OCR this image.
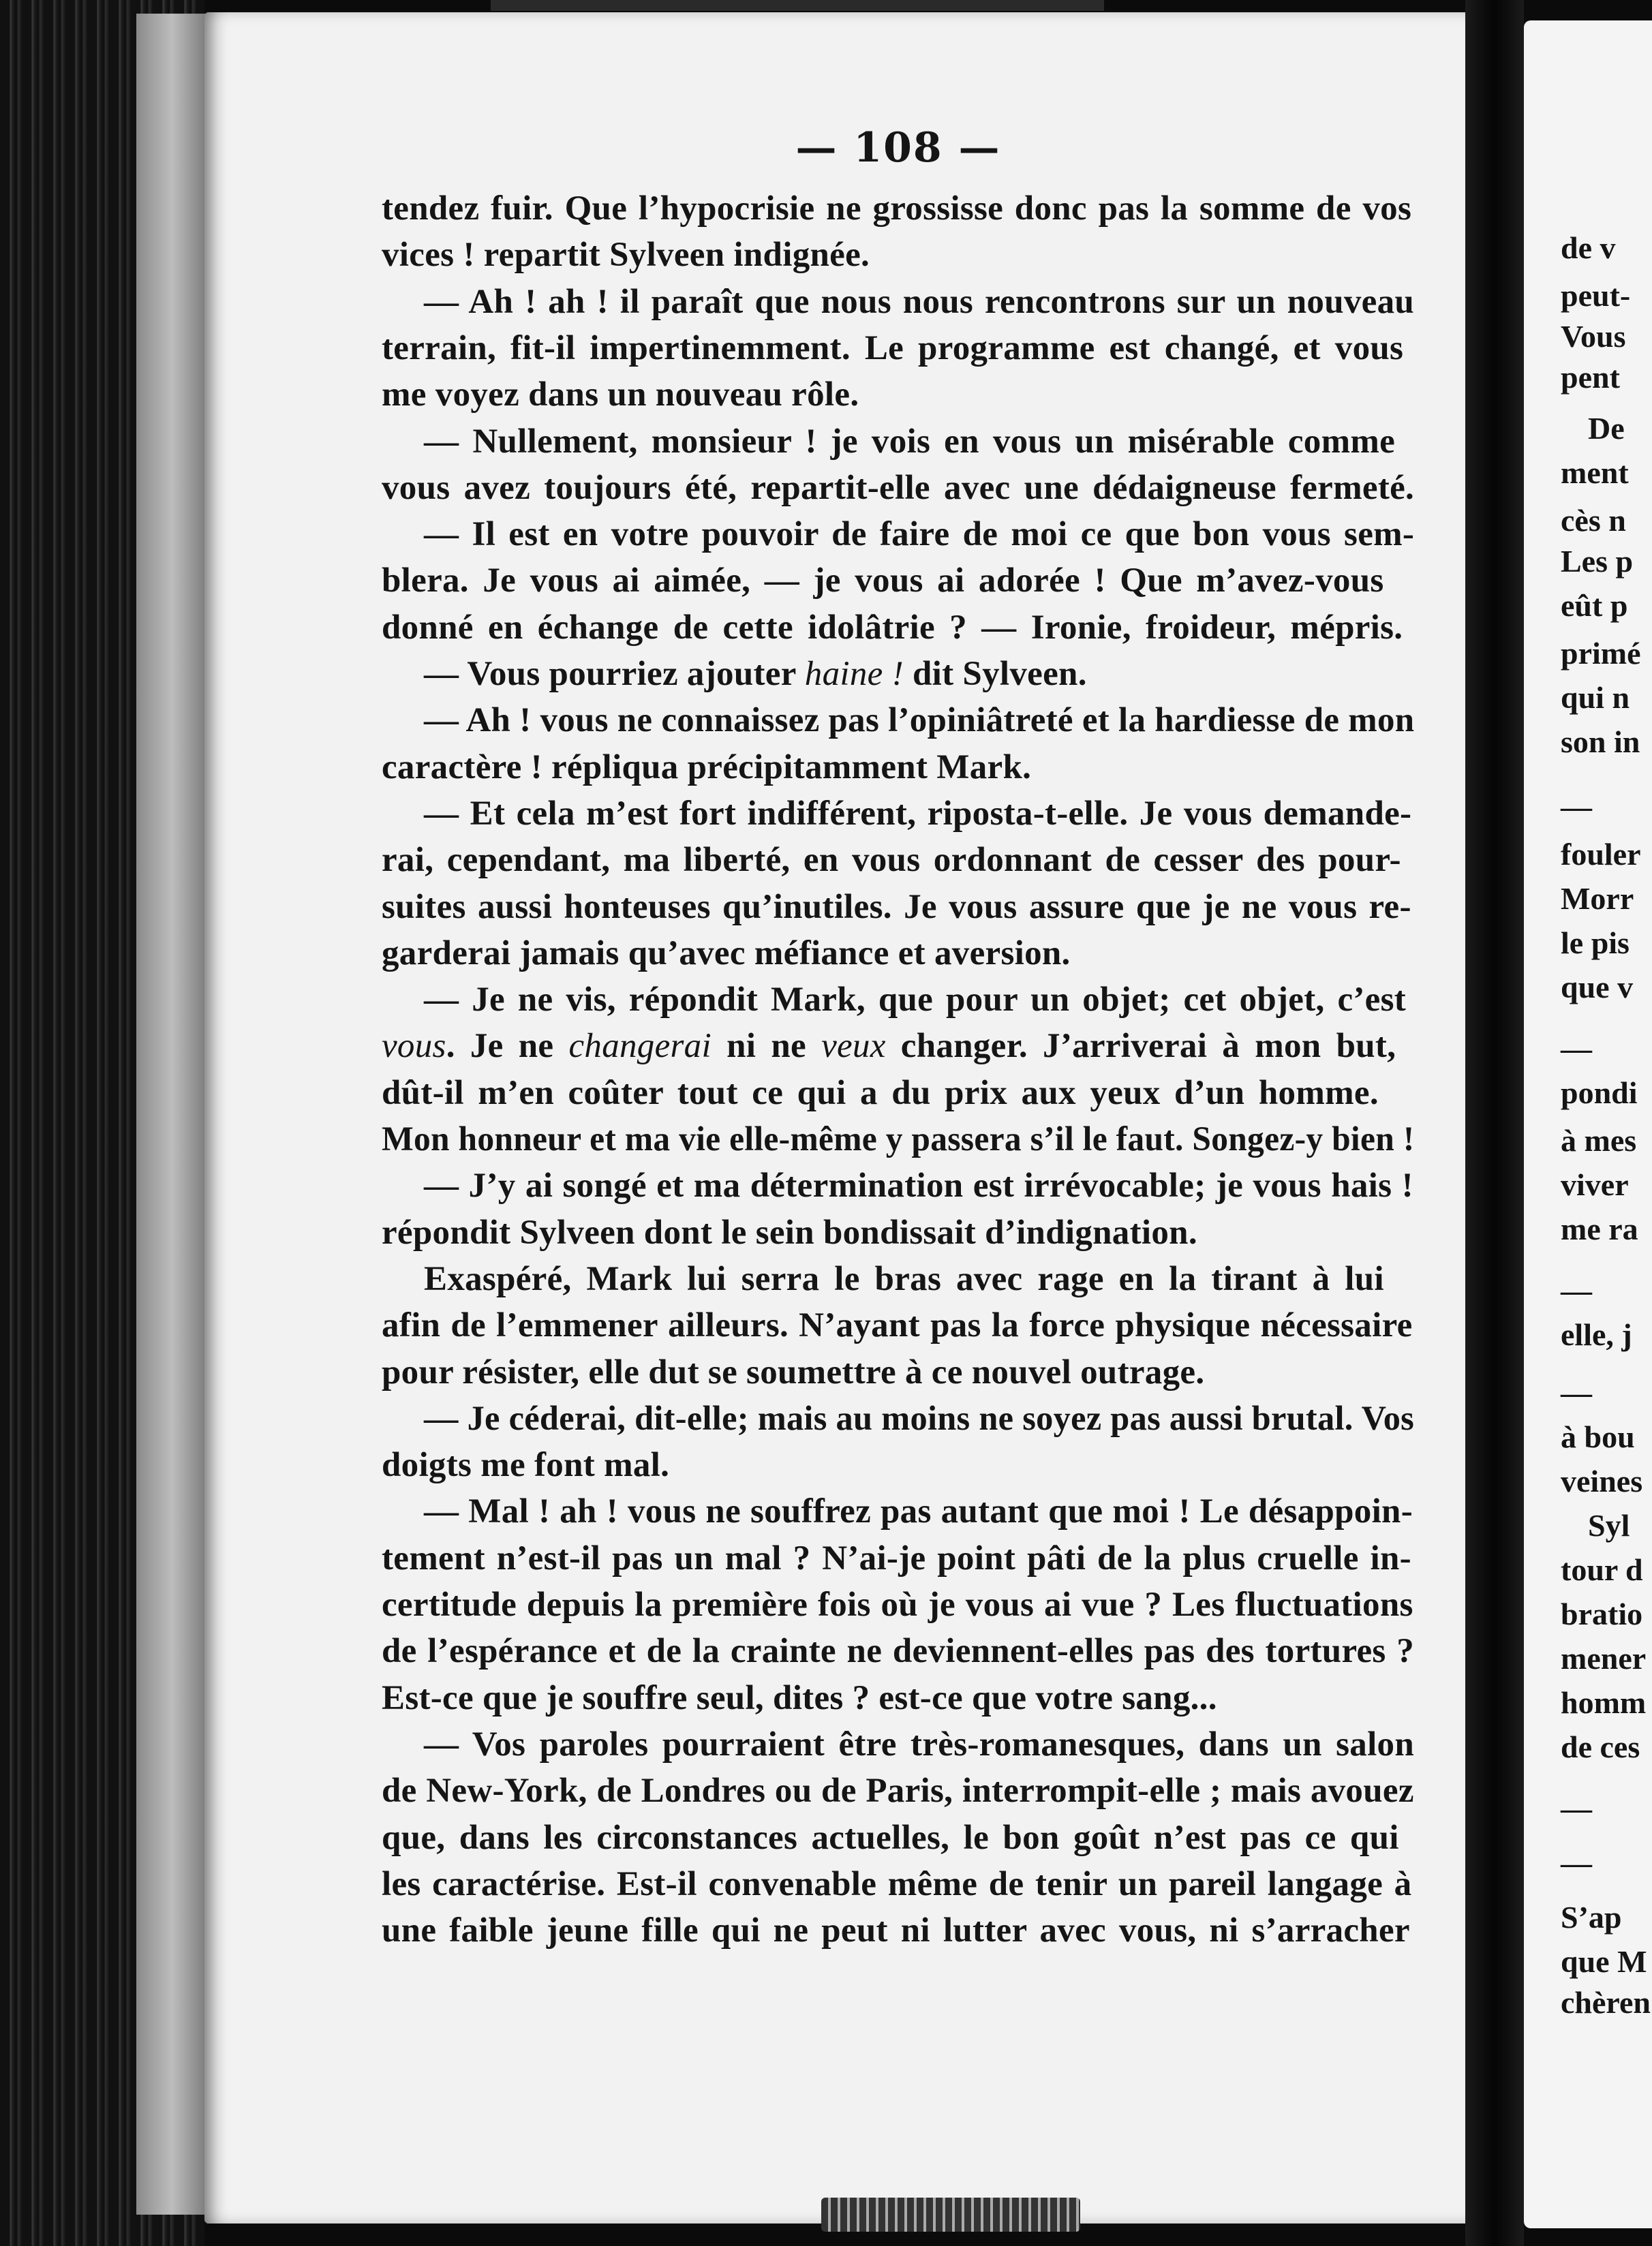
— 108 —
tendez fuir. Que l’hypocrisie ne grossisse donc pas la somme de vos
vices ! repartit Sylveen indignée.
— Ah ! ah ! il paraît que nous nous rencontrons sur un nouveau
terrain, fit-il impertinemment. Le programme est changé, et vous
me voyez dans un nouveau rôle.
— Nullement, monsieur ! je vois en vous un misérable comme
vous avez toujours été, repartit-elle avec une dédaigneuse fermeté.
— Il est en votre pouvoir de faire de moi ce que bon vous sem-
blera. Je vous ai aimée, — je vous ai adorée ! Que m’avez-vous
donné en échange de cette idolâtrie ? — Ironie, froideur, mépris.
— Vous pourriez ajouter haine ! dit Sylveen.
— Ah ! vous ne connaissez pas l’opiniâtreté et la hardiesse de mon
caractère ! répliqua précipitamment Mark.
— Et cela m’est fort indifférent, riposta-t-elle. Je vous demande-
rai, cependant, ma liberté, en vous ordonnant de cesser des pour-
suites aussi honteuses qu’inutiles. Je vous assure que je ne vous re-
garderai jamais qu’avec méfiance et aversion.
— Je ne vis, répondit Mark, que pour un objet; cet objet, c’est
vous. Je ne changerai ni ne veux changer. J’arriverai à mon but,
dût-il m’en coûter tout ce qui a du prix aux yeux d’un homme.
Mon honneur et ma vie elle-même y passera s’il le faut. Songez-y bien !
— J’y ai songé et ma détermination est irrévocable; je vous hais !
répondit Sylveen dont le sein bondissait d’indignation.
Exaspéré, Mark lui serra le bras avec rage en la tirant à lui
afin de l’emmener ailleurs. N’ayant pas la force physique nécessaire
pour résister, elle dut se soumettre à ce nouvel outrage.
— Je céderai, dit-elle; mais au moins ne soyez pas aussi brutal. Vos
doigts me font mal.
— Mal ! ah ! vous ne souffrez pas autant que moi ! Le désappoin-
tement n’est-il pas un mal ? N’ai-je point pâti de la plus cruelle in-
certitude depuis la première fois où je vous ai vue ? Les fluctuations
de l’espérance et de la crainte ne deviennent-elles pas des tortures ?
Est-ce que je souffre seul, dites ? est-ce que votre sang...
— Vos paroles pourraient être très-romanesques, dans un salon
de New-York, de Londres ou de Paris, interrompit-elle ; mais avouez
que, dans les circonstances actuelles, le bon goût n’est pas ce qui
les caractérise. Est-il convenable même de tenir un pareil langage à
une faible jeune fille qui ne peut ni lutter avec vous, ni s’arracher
de v
peut-
Vous
pent
De
ment
cès n
Les p
eût p
primé
qui n
son in
—
fouler
Morr
le pis
que v
—
pondi
à mes
viver
me ra
—
elle, j
—
à bou
veines
Syl
tour d
bratio
mener
homm
de ces
—
—
S’ap
que M
chèren
